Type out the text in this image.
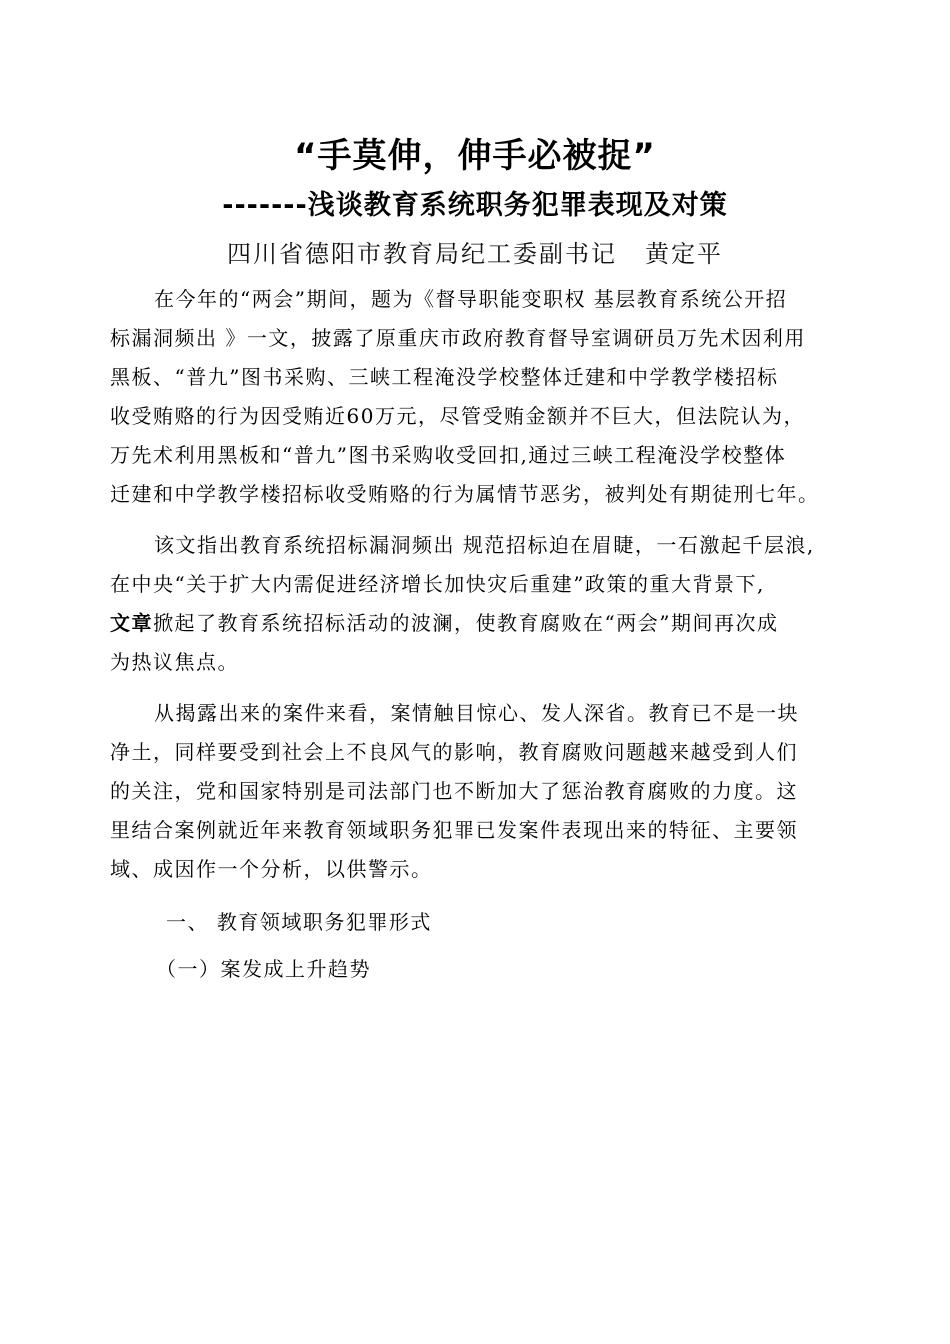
“手莫伸，伸手必被捉”
-------浅谈教育系统职务犯罪表现及对策
四川省德阳市教育局纪工委副书记 黄定平

在今年的“两会”期间，题为《督导职能变职权 基层教育系统公开招
标漏洞频出 》一文，披露了原重庆市政府教育督导室调研员万先术因利用
黑板、“普九”图书采购、三峡工程淹没学校整体迁建和中学教学楼招标
收受贿赂的行为因受贿近60万元，尽管受贿金额并不巨大，但法院认为，
万先术利用黑板和“普九”图书采购收受回扣,通过三峡工程淹没学校整体
迁建和中学教学楼招标收受贿赂的行为属情节恶劣，被判处有期徒刑七年。

该文指出教育系统招标漏洞频出 规范招标迫在眉睫，一石激起千层浪,
在中央“关于扩大内需促进经济增长加快灾后重建”政策的重大背景下,
文章掀起了教育系统招标活动的波澜，使教育腐败在“两会”期间再次成
为热议焦点。

从揭露出来的案件来看，案情触目惊心、发人深省。教育已不是一块
净土，同样要受到社会上不良风气的影响，教育腐败问题越来越受到人们
的关注，党和国家特别是司法部门也不断加大了惩治教育腐败的力度。这
里结合案例就近年来教育领域职务犯罪已发案件表现出来的特征、主要领
域、成因作一个分析，以供警示。

一、 教育领域职务犯罪形式
（一）案发成上升趋势
